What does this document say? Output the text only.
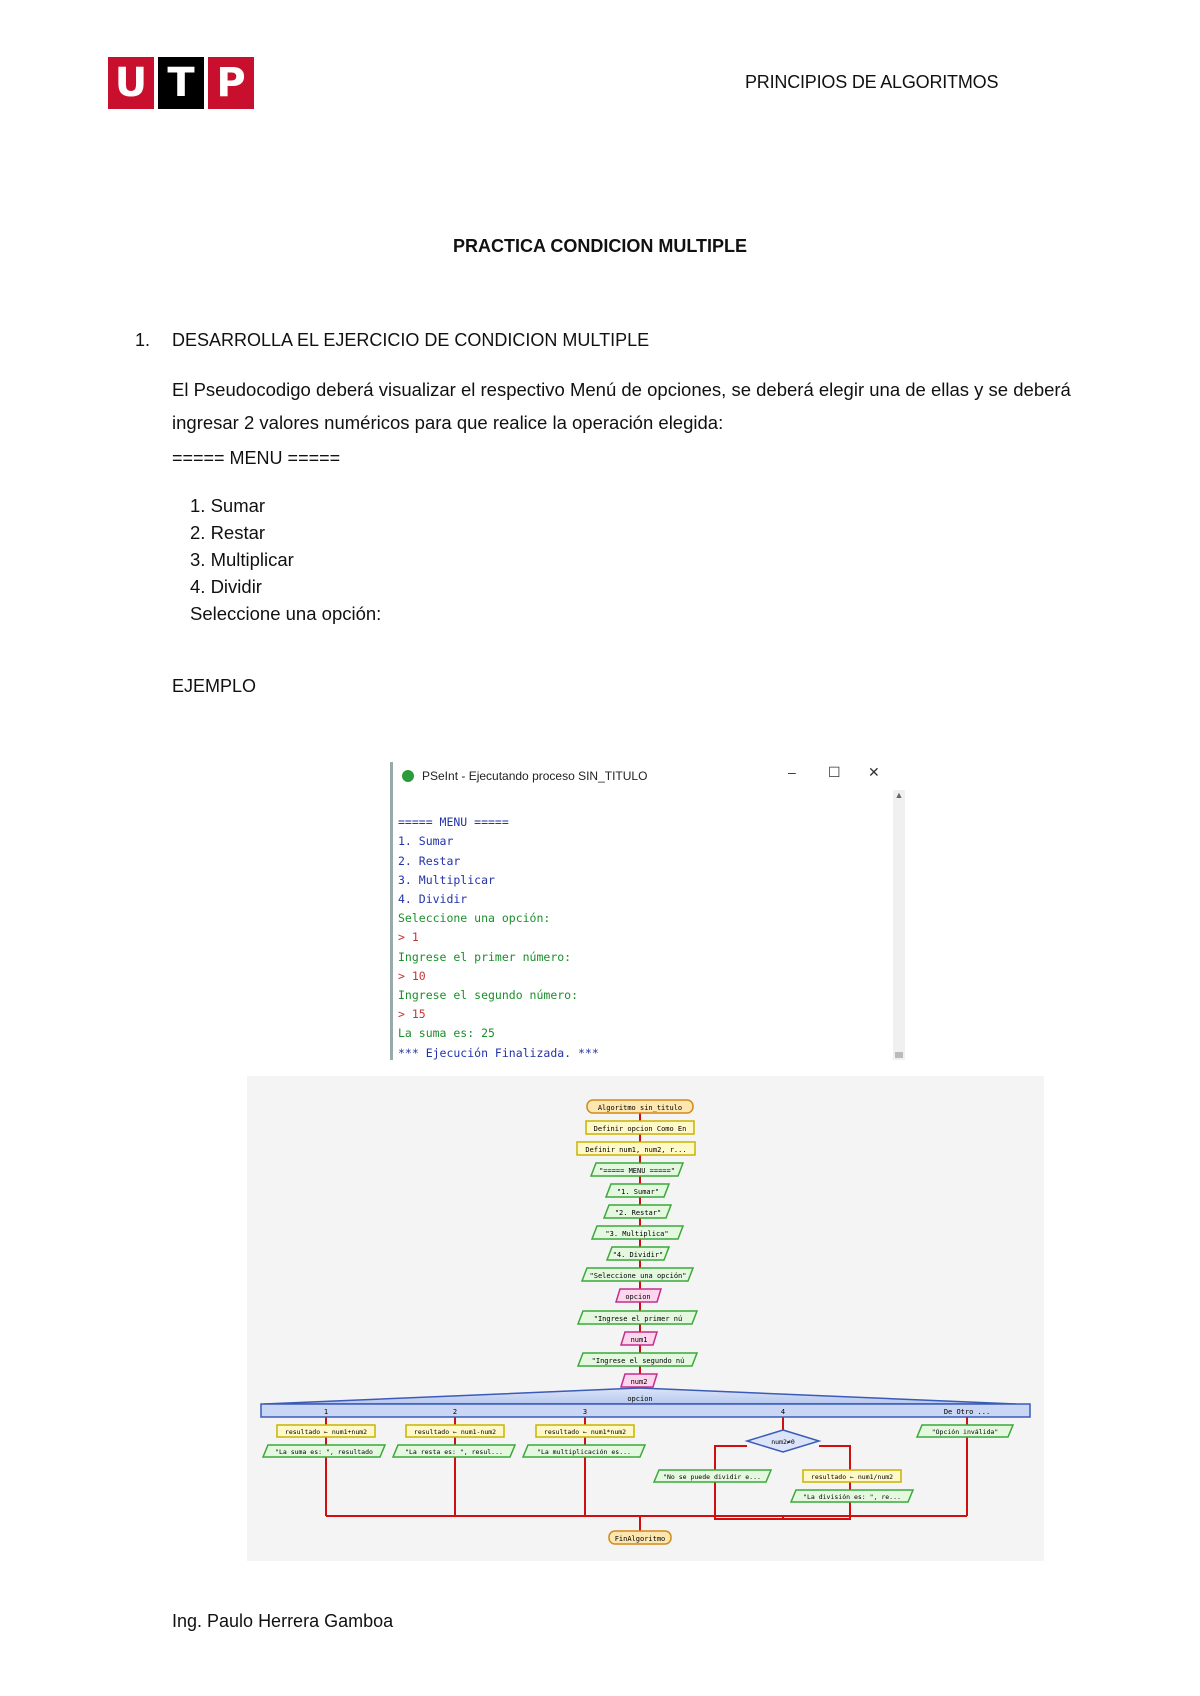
U T P	PRINCIPIOS DE ALGORITMOS
PRACTICA CONDICION MULTIPLE
1. DESARROLLA EL EJERCICIO DE CONDICION MULTIPLE
El Pseudocodigo deberá visualizar el respectivo Menú de opciones, se deberá elegir una de ellas y se deberá ingresar 2 valores numéricos para que realice la operación elegida:
===== MENU =====
1. Sumar
2. Restar
3. Multiplicar
4. Dividir
Seleccione una opción:
EJEMPLO
PSeInt - Ejecutando proceso SIN_TITULO	– ☐ ✕

===== MENU =====
1. Sumar
2. Restar
3. Multiplicar
4. Dividir
Seleccione una opción:
> 1
Ingrese el primer número:
> 10
Ingrese el segundo número:
> 15
La suma es: 25
*** Ejecución Finalizada. ***

▲
Algoritmo sin_titulo
Definir opcion Como En
Definir num1, num2, r...
"===== MENU ====="
"1. Sumar"
"2. Restar"
"3. Multiplica"
"4. Dividir"
"Seleccione una opción"
"Ingrese el primer nú
"Ingrese el segundo nú
opcion
num1
num2
opcion
1	2	3	4	De Otro ...
resultado ← num1+num2	resultado ← num1-num2	resultado ← num1*num2
resultado ← num1/num2
"La suma es: ", resultado	"La resta es: ", resul...	"La multiplicación es...
"No se puede dividir e...
"La división es: ", re...
"Opción inválida"
num2≠0
FinAlgoritmo
Ing. Paulo Herrera Gamboa
